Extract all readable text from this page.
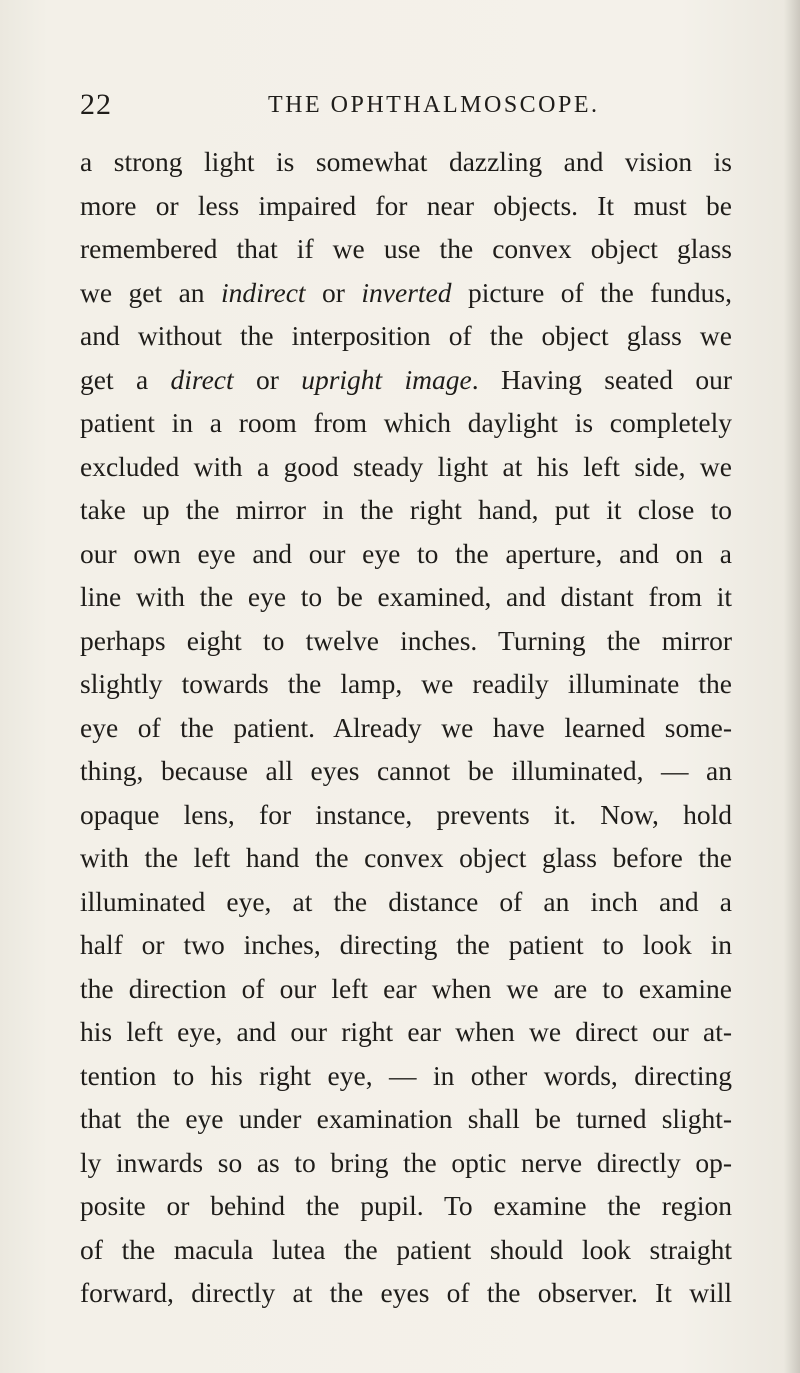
22	THE OPHTHALMOSCOPE.
a strong light is somewhat dazzling and vision is
more or less impaired for near objects. It must be
remembered that if we use the convex object glass
we get an indirect or inverted picture of the fundus,
and without the interposition of the object glass we
get a direct or upright image. Having seated our
patient in a room from which daylight is completely
excluded with a good steady light at his left side, we
take up the mirror in the right hand, put it close to
our own eye and our eye to the aperture, and on a
line with the eye to be examined, and distant from it
perhaps eight to twelve inches. Turning the mirror
slightly towards the lamp, we readily illuminate the
eye of the patient. Already we have learned some-
thing, because all eyes cannot be illuminated, — an
opaque lens, for instance, prevents it. Now, hold
with the left hand the convex object glass before the
illuminated eye, at the distance of an inch and a
half or two inches, directing the patient to look in
the direction of our left ear when we are to examine
his left eye, and our right ear when we direct our at-
tention to his right eye, — in other words, directing
that the eye under examination shall be turned slight-
ly inwards so as to bring the optic nerve directly op-
posite or behind the pupil. To examine the region
of the macula lutea the patient should look straight
forward, directly at the eyes of the observer. It will
